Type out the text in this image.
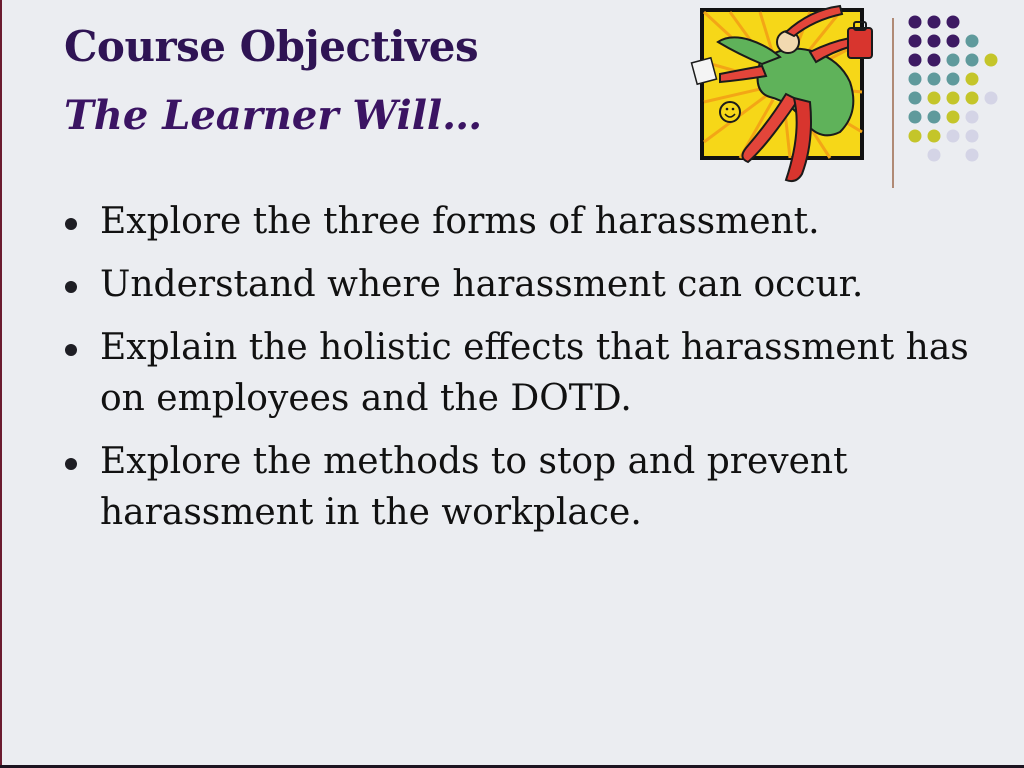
Course Objectives
The Learner Will…
Explore the three forms of harassment.
Understand where harassment can occur.
Explain the holistic effects that harassment has on employees and the DOTD.
Explore the methods to stop and prevent harassment in the workplace.
